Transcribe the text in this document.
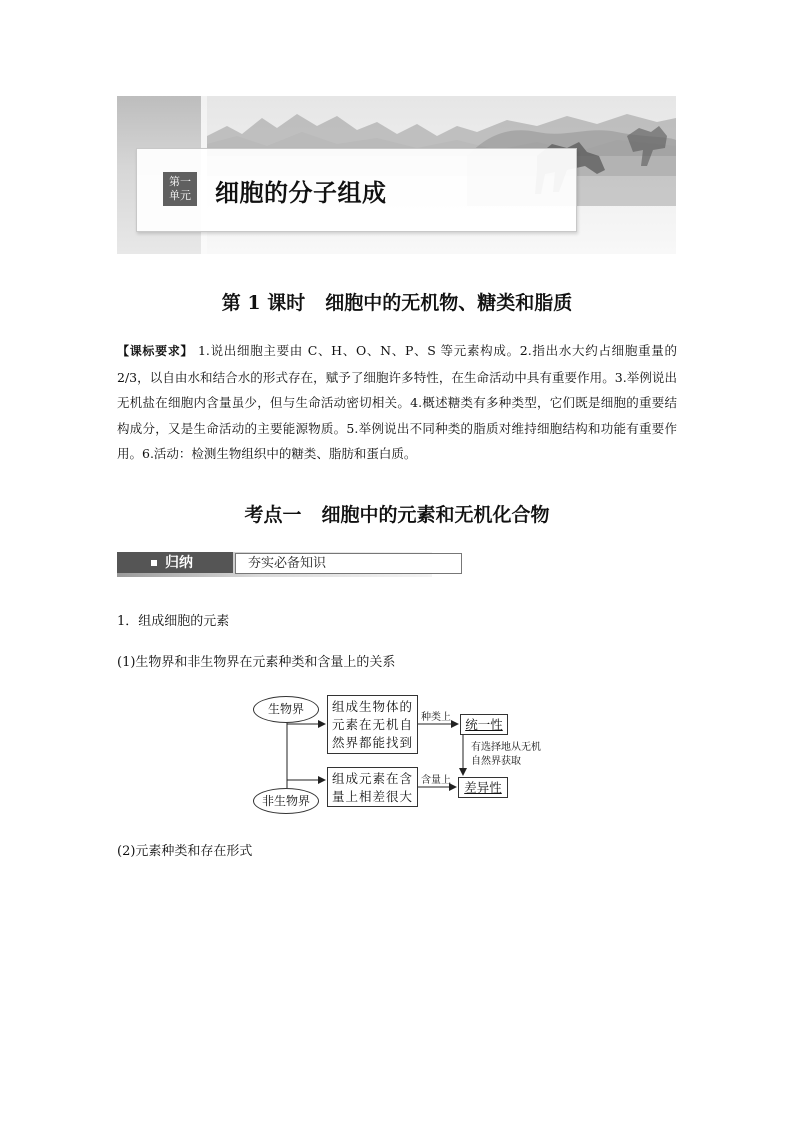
第一
单元 细胞的分子组成
第 1 课时 细胞中的无机物、糖类和脂质
【课标要求】 1.说出细胞主要由 C、H、O、N、P、S 等元素构成。2.指出水大约占细胞重量的 2/3，以自由水和结合水的形式存在，赋予了细胞许多特性，在生命活动中具有重要作用。3.举例说出无机盐在细胞内含量虽少，但与生命活动密切相关。4.概述糖类有多种类型，它们既是细胞的重要结构成分，又是生命活动的主要能源物质。5.举例说出不同种类的脂质对维持细胞结构和功能有重要作用。6.活动：检测生物组织中的糖类、脂肪和蛋白质。
考点一 细胞中的元素和无机化合物
归纳	夯实必备知识
1．组成细胞的元素
(1)生物界和非生物界在元素种类和含量上的关系
生物界
非生物界
组成生物体的元素在无机自然界都能找到
组成元素在含量上相差很大
种类上
含量上
统一性
差异性
有选择地从无机自然界获取
(2)元素种类和存在形式
